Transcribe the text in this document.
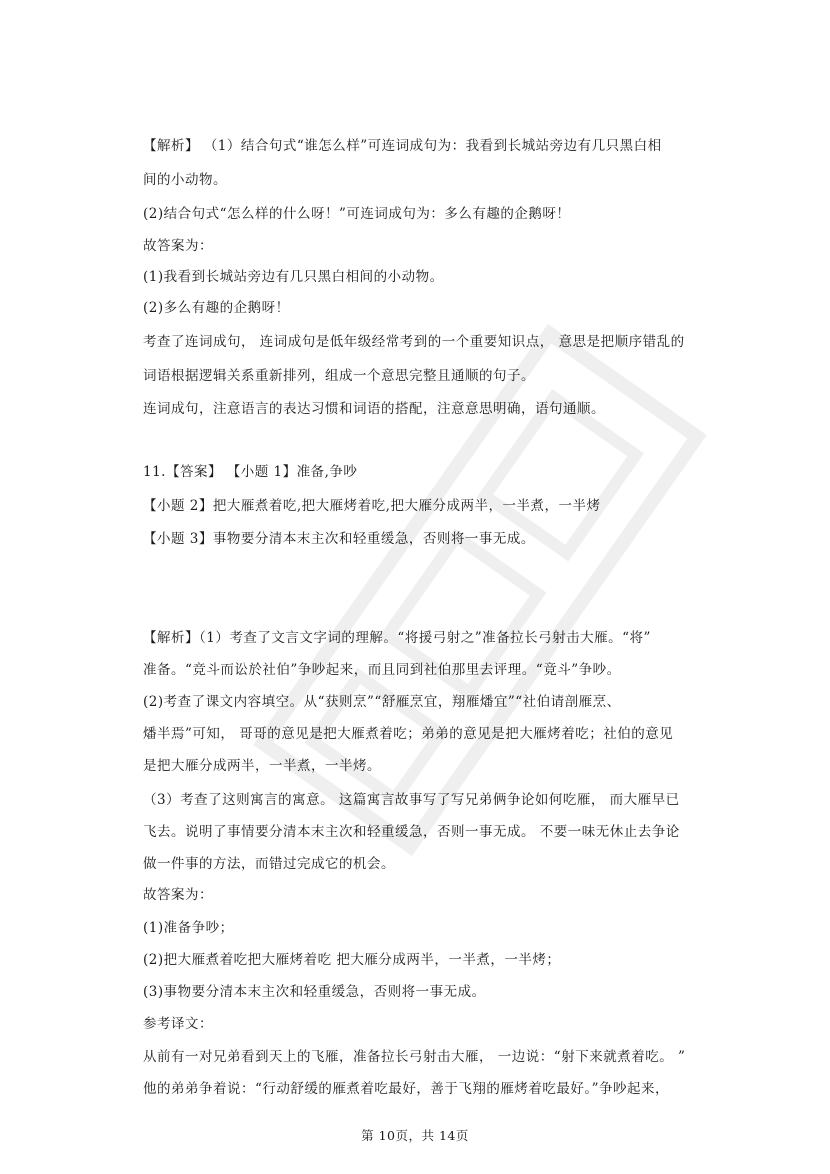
【解析】 （1）结合句式“谁怎么样”可连词成句为：我看到长城站旁边有几只黑白相
间的小动物。
(2)结合句式“怎么样的什么呀！”可连词成句为：多么有趣的企鹅呀！
故答案为：
(1)我看到长城站旁边有几只黑白相间的小动物。
(2)多么有趣的企鹅呀！
考查了连词成句， 连词成句是低年级经常考到的一个重要知识点， 意思是把顺序错乱的
词语根据逻辑关系重新排列，组成一个意思完整且通顺的句子。
连词成句，注意语言的表达习惯和词语的搭配，注意意思明确，语句通顺。
11.【答案】 【小题 1】准备,争吵
【小题 2】把大雁煮着吃,把大雁烤着吃,把大雁分成两半，一半煮，一半烤
【小题 3】事物要分清本末主次和轻重缓急，否则将一事无成。
【解析】（1）考查了文言文字词的理解。“将援弓射之”准备拉长弓射击大雁。“将”
准备。“竞斗而讼於社伯”争吵起来，而且同到社伯那里去评理。“竟斗”争吵。
(2)考查了课文内容填空。从“获则烹”“舒雁烹宜，翔雁燔宜”“社伯请剖雁烹、
燔半焉”可知， 哥哥的意见是把大雁煮着吃；弟弟的意见是把大雁烤着吃；社伯的意见
是把大雁分成两半，一半煮，一半烤。
（3）考查了这则寓言的寓意。 这篇寓言故事写了写兄弟俩争论如何吃雁， 而大雁早已
飞去。说明了事情要分清本末主次和轻重缓急，否则一事无成。 不要一味无休止去争论
做一件事的方法，而错过完成它的机会。
故答案为：
(1)准备争吵；
(2)把大雁煮着吃把大雁烤着吃 把大雁分成两半，一半煮，一半烤；
(3)事物要分清本末主次和轻重缓急，否则将一事无成。
参考译文：
从前有一对兄弟看到天上的飞雁，准备拉长弓射击大雁， 一边说：“射下来就煮着吃。 ”
他的弟弟争着说：“行动舒缓的雁煮着吃最好，善于飞翔的雁烤着吃最好。”争吵起来，
第 10页，共 14页
